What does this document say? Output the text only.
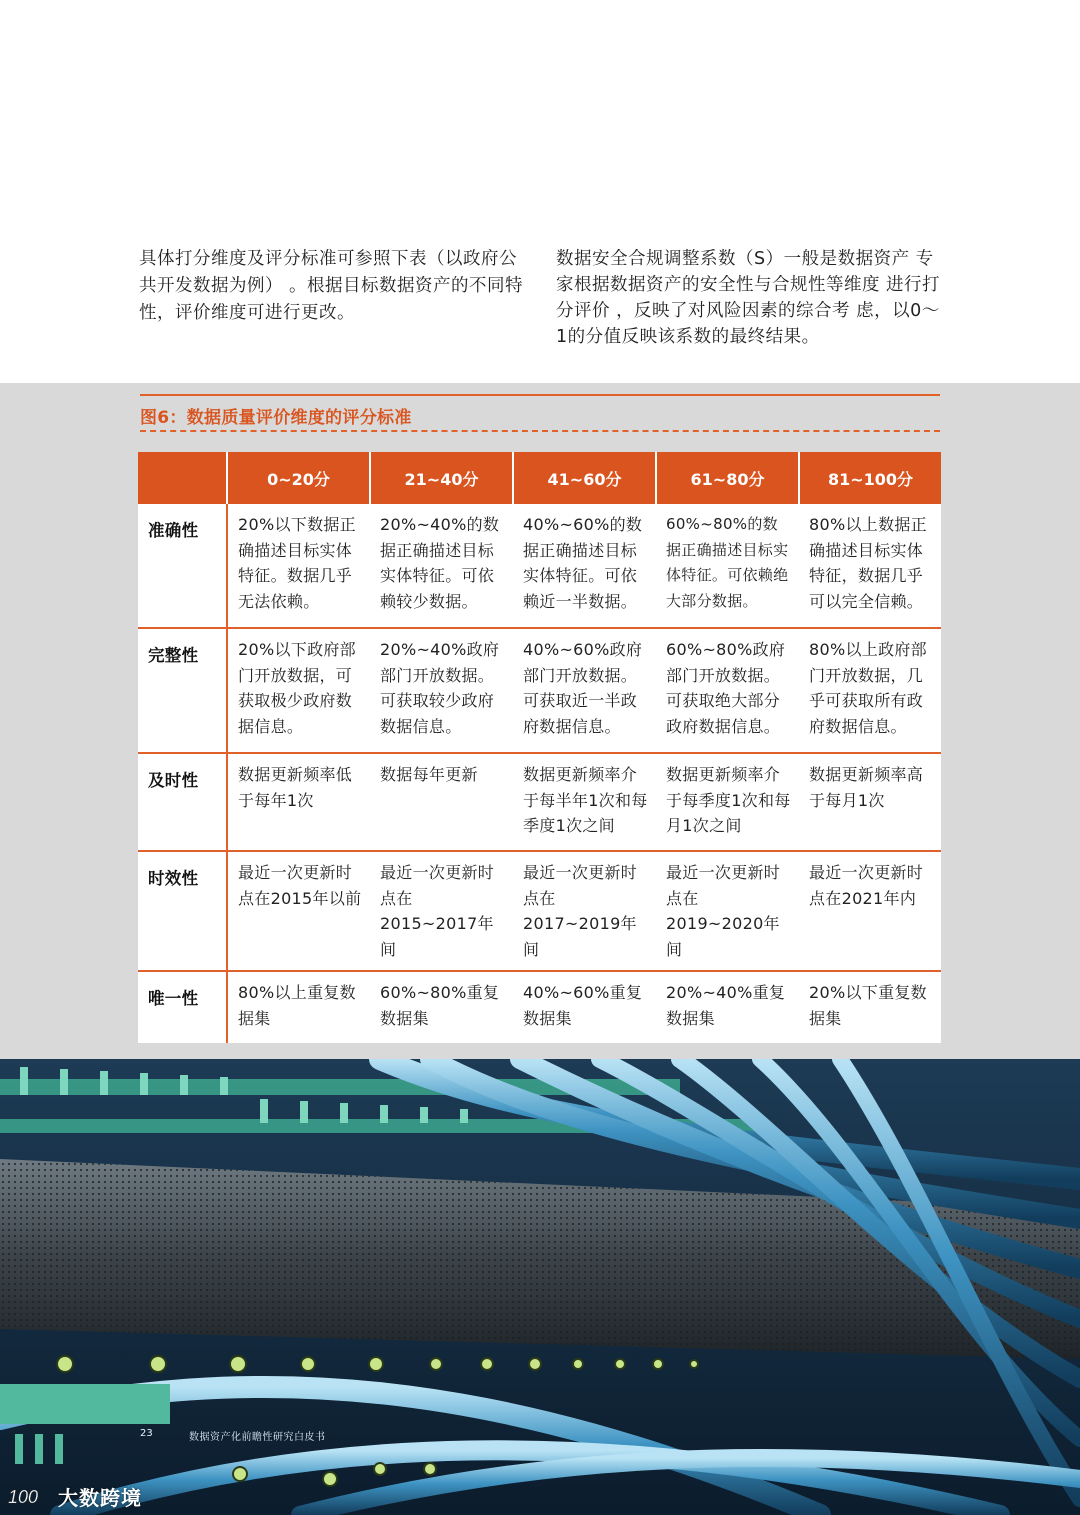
具体打分维度及评分标准可参照下表（以政府公共开发数据为例） 。根据目标数据资产的不同特性，评价维度可进行更改。
数据安全合规调整系数（S）一般是数据资产 专家根据数据资产的安全性与合规性等维度 进行打分评价 ，反映了对风险因素的综合考 虑，以0～1的分值反映该系数的最终结果。
图6：数据质量评价维度的评分标准
	0~20分	21~40分	41~60分	61~80分	81~100分
准确性	20%以下数据正确描述目标实体特征。数据几乎无法依赖。	20%~40%的数据正确描述目标实体特征。可依赖较少数据。	40%~60%的数据正确描述目标实体特征。可依赖近一半数据。	60%~80%的数据正确描述目标实体特征。可依赖绝大部分数据。	80%以上数据正确描述目标实体特征，数据几乎可以完全信赖。
完整性	20%以下政府部门开放数据，可获取极少政府数据信息。	20%~40%政府部门开放数据。可获取较少政府数据信息。	40%~60%政府部门开放数据。可获取近一半政府数据信息。	60%~80%政府部门开放数据。可获取绝大部分政府数据信息。	80%以上政府部门开放数据，几乎可获取所有政府数据信息。
及时性	数据更新频率低于每年1次	数据每年更新	数据更新频率介于每半年1次和每季度1次之间	数据更新频率介于每季度1次和每月1次之间	数据更新频率高于每月1次
时效性	最近一次更新时点在2015年以前	最近一次更新时点在2015~2017年间	最近一次更新时点在2017~2019年间	最近一次更新时点在2019~2020年间	最近一次更新时点在2021年内
唯一性	80%以上重复数据集	60%~80%重复数据集	40%~60%重复数据集	20%~40%重复数据集	20%以下重复数据集
23	数据资产化前瞻性研究白皮书
100 大数跨境
